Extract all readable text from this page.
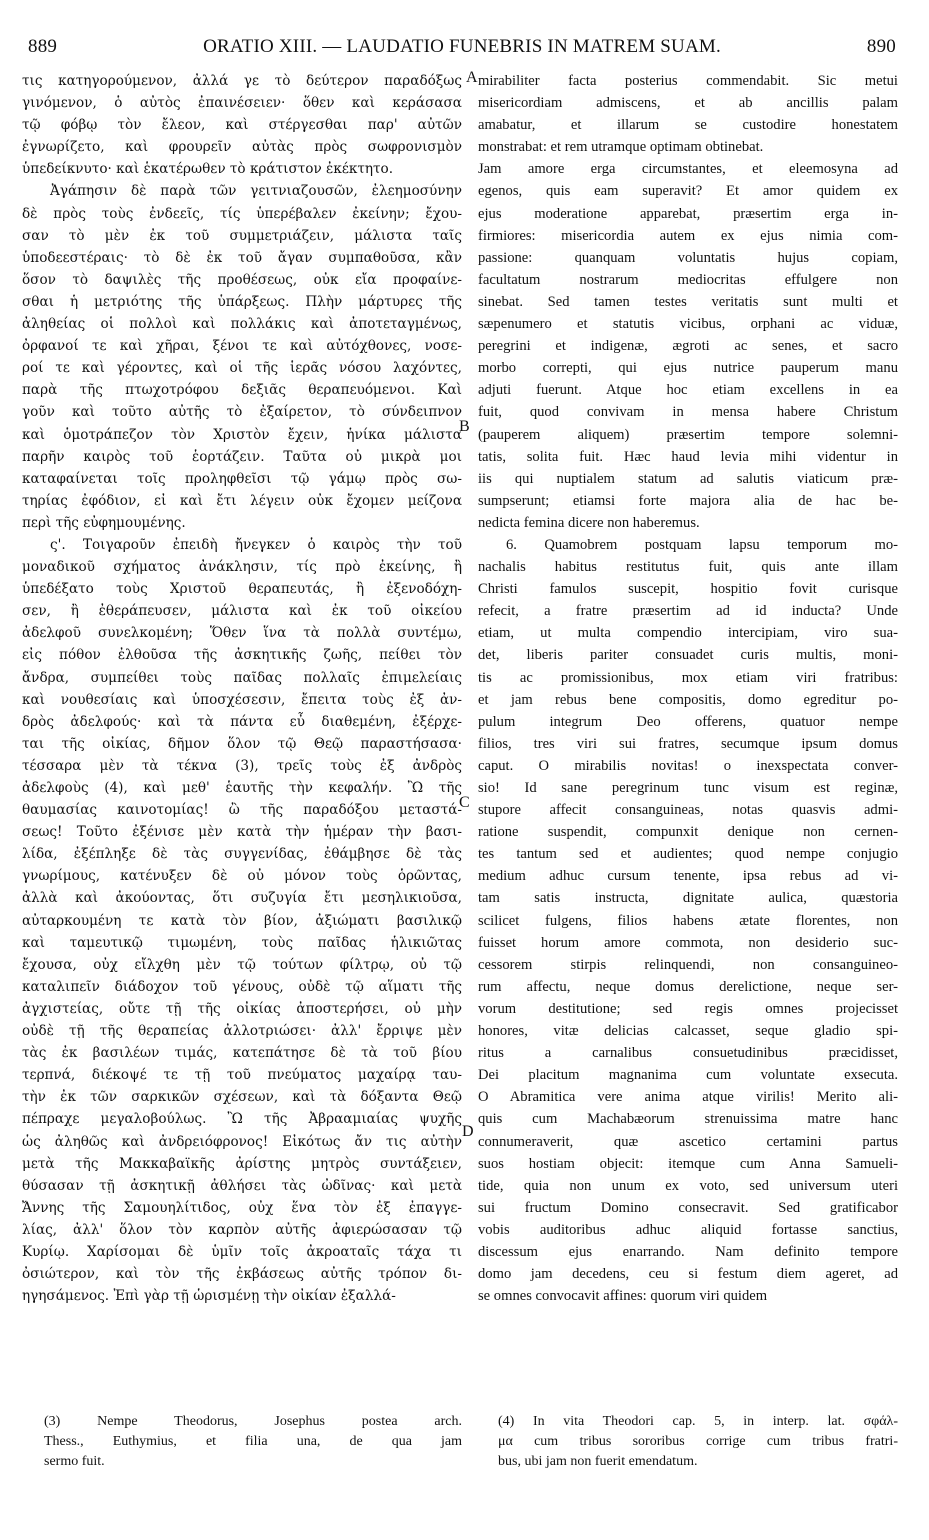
889	ORATIO XIII. — LAUDATIO FUNEBRIS IN MATREM SUAM.	890
τις κατηγορούμενον, ἀλλά γε τὸ δεύτερον παραδόξως
γινόμενον, ὁ αὐτὸς ἐπαινέσειεν· ὅθεν καὶ κεράσασα
τῷ φόβῳ τὸν ἔλεον, καὶ στέργεσθαι παρ' αὐτῶν
ἐγνωρίζετο, καὶ φρουρεῖν αὐτὰς πρὸς σωφρονισμὸν
ὑπεδείκνυτο· καὶ ἑκατέρωθεν τὸ κράτιστον ἐκέκτητο.
Ἀγάπησιν δὲ παρὰ τῶν γειτνιαζουσῶν, ἐλεημοσύνην
δὲ πρὸς τοὺς ἐνδεεῖς, τίς ὑπερέβαλεν ἐκείνην; ἔχου-
σαν τὸ μὲν ἐκ τοῦ συμμετριάζειν, μάλιστα ταῖς
ὑποδεεστέραις· τὸ δὲ ἐκ τοῦ ἄγαν συμπαθοῦσα, κἂν
ὅσον τὸ δαψιλὲς τῆς προθέσεως, οὐκ εἴα προφαίνε-
σθαι ἡ μετριότης τῆς ὑπάρξεως. Πλὴν μάρτυρες τῆς
ἀληθείας οἱ πολλοὶ καὶ πολλάκις καὶ ἀποτεταγμένως,
ὀρφανοί τε καὶ χῆραι, ξένοι τε καὶ αὐτόχθονες, νοσε-
ροί τε καὶ γέροντες, καὶ οἱ τῆς ἱερᾶς νόσου λαχόντες,
παρὰ τῆς πτωχοτρόφου δεξιᾶς θεραπευόμενοι. Καὶ
γοῦν καὶ τοῦτο αὐτῆς τὸ ἐξαίρετον, τὸ σύνδειπνον
καὶ ὁμοτράπεζον τὸν Χριστὸν ἔχειν, ἡνίκα μάλιστα
παρῆν καιρὸς τοῦ ἑορτάζειν. Ταῦτα οὐ μικρὰ μοι
καταφαίνεται τοῖς προληφθεῖσι τῷ γάμῳ πρὸς σω-
τηρίας ἐφόδιον, εἰ καὶ ἔτι λέγειν οὐκ ἔχομεν μείζονα
περὶ τῆς εὐφημουμένης.
ς'. Τοιγαροῦν ἐπειδὴ ἤνεγκεν ὁ καιρὸς τὴν τοῦ
μοναδικοῦ σχήματος ἀνάκλησιν, τίς πρὸ ἐκείνης, ἢ
ὑπεδέξατο τοὺς Χριστοῦ θεραπευτάς, ἢ ἐξενοδόχη-
σεν, ἢ ἐθεράπευσεν, μάλιστα καὶ ἐκ τοῦ οἰκείου
ἀδελφοῦ συνελκομένη; Ὅθεν ἵνα τὰ πολλὰ συντέμω,
εἰς πόθον ἐλθοῦσα τῆς ἀσκητικῆς ζωῆς, πείθει τὸν
ἄνδρα, συμπείθει τοὺς παῖδας πολλαῖς ἐπιμελείαις
καὶ νουθεσίαις καὶ ὑποσχέσεσιν, ἔπειτα τοὺς ἐξ ἀν-
δρὸς ἀδελφούς· καὶ τὰ πάντα εὖ διαθεμένη, ἐξέρχε-
ται τῆς οἰκίας, δῆμον ὅλον τῷ Θεῷ παραστήσασα·
τέσσαρα μὲν τὰ τέκνα (3), τρεῖς τοὺς ἐξ ἀνδρὸς
ἀδελφοὺς (4), καὶ μεθ' ἑαυτῆς τὴν κεφαλήν. Ὢ τῆς
θαυμασίας καινοτομίας! ὢ τῆς παραδόξου μεταστά-
σεως! Τοῦτο ἐξένισε μὲν κατὰ τὴν ἡμέραν τὴν βασι-
λίδα, ἐξέπληξε δὲ τὰς συγγενίδας, ἐθάμβησε δὲ τὰς
γνωρίμους, κατένυξεν δὲ οὐ μόνον τοὺς ὁρῶντας,
ἀλλὰ καὶ ἀκούοντας, ὅτι συζυγία ἔτι μεσηλικιοῦσα,
αὐταρκουμένη τε κατὰ τὸν βίον, ἀξιώματι βασιλικῷ
καὶ ταμευτικῷ τιμωμένη, τοὺς παῖδας ἡλικιῶτας
ἔχουσα, οὐχ εἴλχθη μὲν τῷ τούτων φίλτρῳ, οὐ τῷ
καταλιπεῖν διάδοχον τοῦ γένους, οὐδὲ τῷ αἵματι τῆς
ἀγχιστείας, οὔτε τῇ τῆς οἰκίας ἀποστερήσει, οὐ μὴν
οὐδὲ τῇ τῆς θεραπείας ἀλλοτριώσει· ἀλλ' ἔρριψε μὲν
τὰς ἐκ βασιλέων τιμάς, κατεπάτησε δὲ τὰ τοῦ βίου
τερπνά, διέκοψέ τε τῇ τοῦ πνεύματος μαχαίρᾳ ταυ-
τὴν ἐκ τῶν σαρκικῶν σχέσεων, καὶ τὰ δόξαντα Θεῷ
πέπραχε μεγαλοβούλως. Ὢ τῆς Ἀβρααμιαίας ψυχῆς
ὡς ἀληθῶς καὶ ἀνδρειόφρονος! Εἰκότως ἄν τις αὐτὴν
μετὰ τῆς Μακκαβαϊκῆς ἀρίστης μητρὸς συντάξειεν,
θύσασαν τῇ ἀσκητικῇ ἀθλήσει τὰς ὠδῖνας· καὶ μετὰ
Ἄννης τῆς Σαμουηλίτιδος, οὐχ ἕνα τὸν ἐξ ἐπαγγε-
λίας, ἀλλ' ὅλον τὸν καρπὸν αὐτῆς ἀφιερώσασαν τῷ
Κυρίῳ. Χαρίσομαι δὲ ὑμῖν τοῖς ἀκροαταῖς τάχα τι
ὀσιώτερον, καὶ τὸν τῆς ἐκβάσεως αὐτῆς τρόπον δι-
ηγησάμενος. Ἐπὶ γὰρ τῇ ὡρισμένῃ τὴν οἰκίαν ἐξαλλά-
mirabiliter facta posterius commendabit. Sic metui
misericordiam admiscens, et ab ancillis palam
amabatur, et illarum se custodire honestatem
monstrabat: et rem utramque optimam obtinebat.
Jam amore erga circumstantes, et eleemosyna ad
egenos, quis eam superavit? Et amor quidem ex
ejus moderatione apparebat, præsertim erga in-
firmiores: misericordia autem ex ejus nimia com-
passione: quanquam voluntatis hujus copiam,
facultatum nostrarum mediocritas effulgere non
sinebat. Sed tamen testes veritatis sunt multi et
sæpenumero et statutis vicibus, orphani ac viduæ,
peregrini et indigenæ, ægroti ac senes, et sacro
morbo correpti, qui ejus nutrice pauperum manu
adjuti fuerunt. Atque hoc etiam excellens in ea
fuit, quod convivam in mensa habere Christum
(pauperem aliquem) præsertim tempore solemni-
tatis, solita fuit. Hæc haud levia mihi videntur in
iis qui nuptialem statum ad salutis viaticum præ-
sumpserunt; etiamsi forte majora alia de hac be-
nedicta femina dicere non haberemus.
6. Quamobrem postquam lapsu temporum mo-
nachalis habitus restitutus fuit, quis ante illam
Christi famulos suscepit, hospitio fovit curisque
refecit, a fratre præsertim ad id inducta? Unde
etiam, ut multa compendio intercipiam, viro sua-
det, liberis pariter consuadet curis multis, moni-
tis ac promissionibus, mox etiam viri fratribus:
et jam rebus bene compositis, domo egreditur po-
pulum integrum Deo offerens, quatuor nempe
filios, tres viri sui fratres, secumque ipsum domus
caput. O mirabilis novitas! o inexspectata conver-
sio! Id sane peregrinum tunc visum est reginæ,
stupore affecit consanguineas, notas quasvis admi-
ratione suspendit, compunxit denique non cernen-
tes tantum sed et audientes; quod nempe conjugio
medium adhuc cursum tenente, ipsa rebus ad vi-
tam satis instructa, dignitate aulica, quæstoria
scilicet fulgens, filios habens ætate florentes, non
fuisset horum amore commota, non desiderio suc-
cessorem stirpis relinquendi, non consanguineo-
rum affectu, neque domus derelictione, neque ser-
vorum destitutione; sed regis omnes projecisset
honores, vitæ delicias calcasset, seque gladio spi-
ritus a carnalibus consuetudinibus præcidisset,
Dei placitum magnanima cum voluntate exsecuta.
O Abramitica vere anima atque virilis! Merito ali-
quis cum Machabæorum strenuissima matre hanc
connumeraverit, quæ ascetico certamini partus
suos hostiam objecit: itemque cum Anna Samueli-
tide, quia non unum ex voto, sed universum uteri
sui fructum Domino consecravit. Sed gratificabor
vobis auditoribus adhuc aliquid fortasse sanctius,
discessum ejus enarrando. Nam definito tempore
domo jam decedens, ceu si festum diem ageret, ad
se omnes convocavit affines: quorum viri quidem
A
B
C
D
(3) Nempe Theodorus, Josephus postea arch.
Thess., Euthymius, et filia una, de qua jam
sermo fuit.
(4) In vita Theodori cap. 5, in interp. lat. σφάλ-
μα cum tribus sororibus corrige cum tribus fratri-
bus, ubi jam non fuerit emendatum.
